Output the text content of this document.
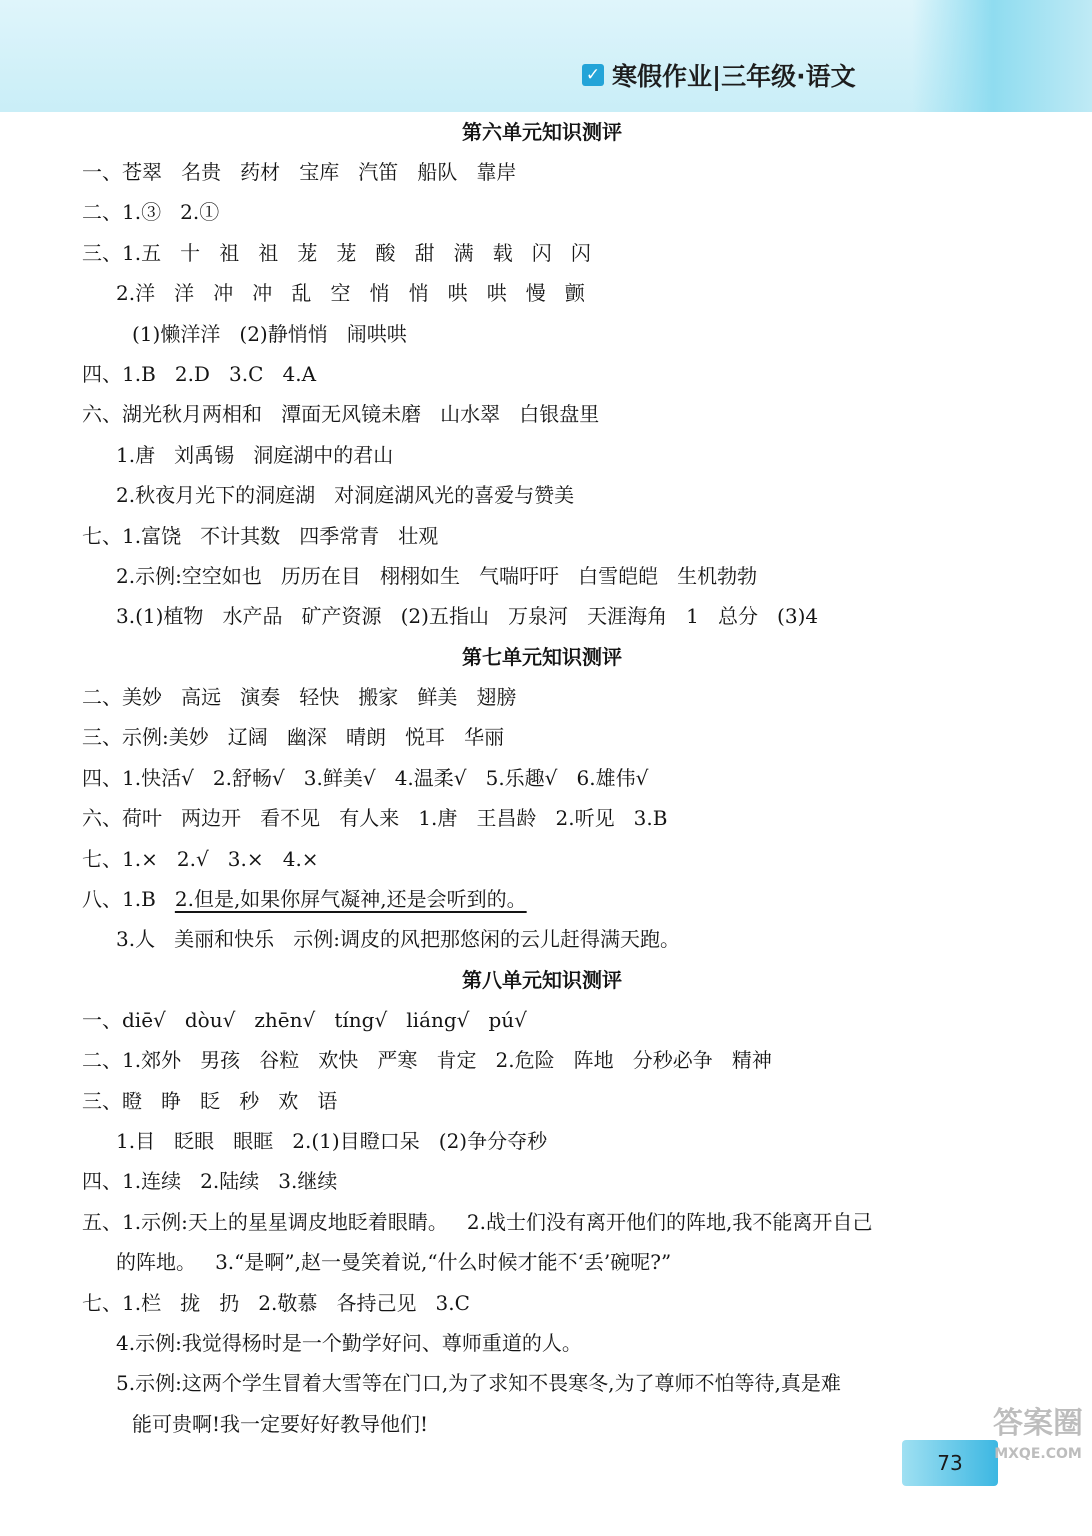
✓ 寒假作业|三年级·语文
第六单元知识测评
一、苍翠   名贵   药材   宝库   汽笛   船队   靠岸
二、1.③   2.①
三、1.五   十   祖   祖   茏   茏   酸   甜   满   载   闪   闪
2.洋   洋   冲   冲   乱   空   悄   悄   哄   哄   慢   颤
(1)懒洋洋   (2)静悄悄   闹哄哄
四、1.B   2.D   3.C   4.A
六、湖光秋月两相和   潭面无风镜未磨   山水翠   白银盘里
1.唐   刘禹锡   洞庭湖中的君山
2.秋夜月光下的洞庭湖   对洞庭湖风光的喜爱与赞美
七、1.富饶   不计其数   四季常青   壮观
2.示例:空空如也   历历在目   栩栩如生   气喘吁吁   白雪皑皑   生机勃勃
3.(1)植物   水产品   矿产资源   (2)五指山   万泉河   天涯海角   1   总分   (3)4
第七单元知识测评
二、美妙   高远   演奏   轻快   搬家   鲜美   翅膀
三、示例:美妙   辽阔   幽深   晴朗   悦耳   华丽
四、1.快活√   2.舒畅√   3.鲜美√   4.温柔√   5.乐趣√   6.雄伟√
六、荷叶   两边开   看不见   有人来   1.唐   王昌龄   2.听见   3.B
七、1.×   2.√   3.×   4.×
八、1.B   2.但是,如果你屏气凝神,还是会听到的。
3.人   美丽和快乐   示例:调皮的风把那悠闲的云儿赶得满天跑。
第八单元知识测评
一、diē√   dòu√   zhēn√   tíng√   liáng√   pú√
二、1.郊外   男孩   谷粒   欢快   严寒   肯定   2.危险   阵地   分秒必争   精神
三、瞪   睁   眨   秒   欢   语
1.目   眨眼   眼眶   2.(1)目瞪口呆   (2)争分夺秒
四、1.连续   2.陆续   3.继续
五、1.示例:天上的星星调皮地眨着眼睛。   2.战士们没有离开他们的阵地,我不能离开自己
的阵地。   3.“是啊”,赵一曼笑着说,“什么时候才能不‘丢’碗呢?”
七、1.栏   拢   扔   2.敬慕   各持己见   3.C
4.示例:我觉得杨时是一个勤学好问、尊师重道的人。
5.示例:这两个学生冒着大雪等在门口,为了求知不畏寒冬,为了尊师不怕等待,真是难
能可贵啊!我一定要好好教导他们!
73
答案圈
MXQE.COM
